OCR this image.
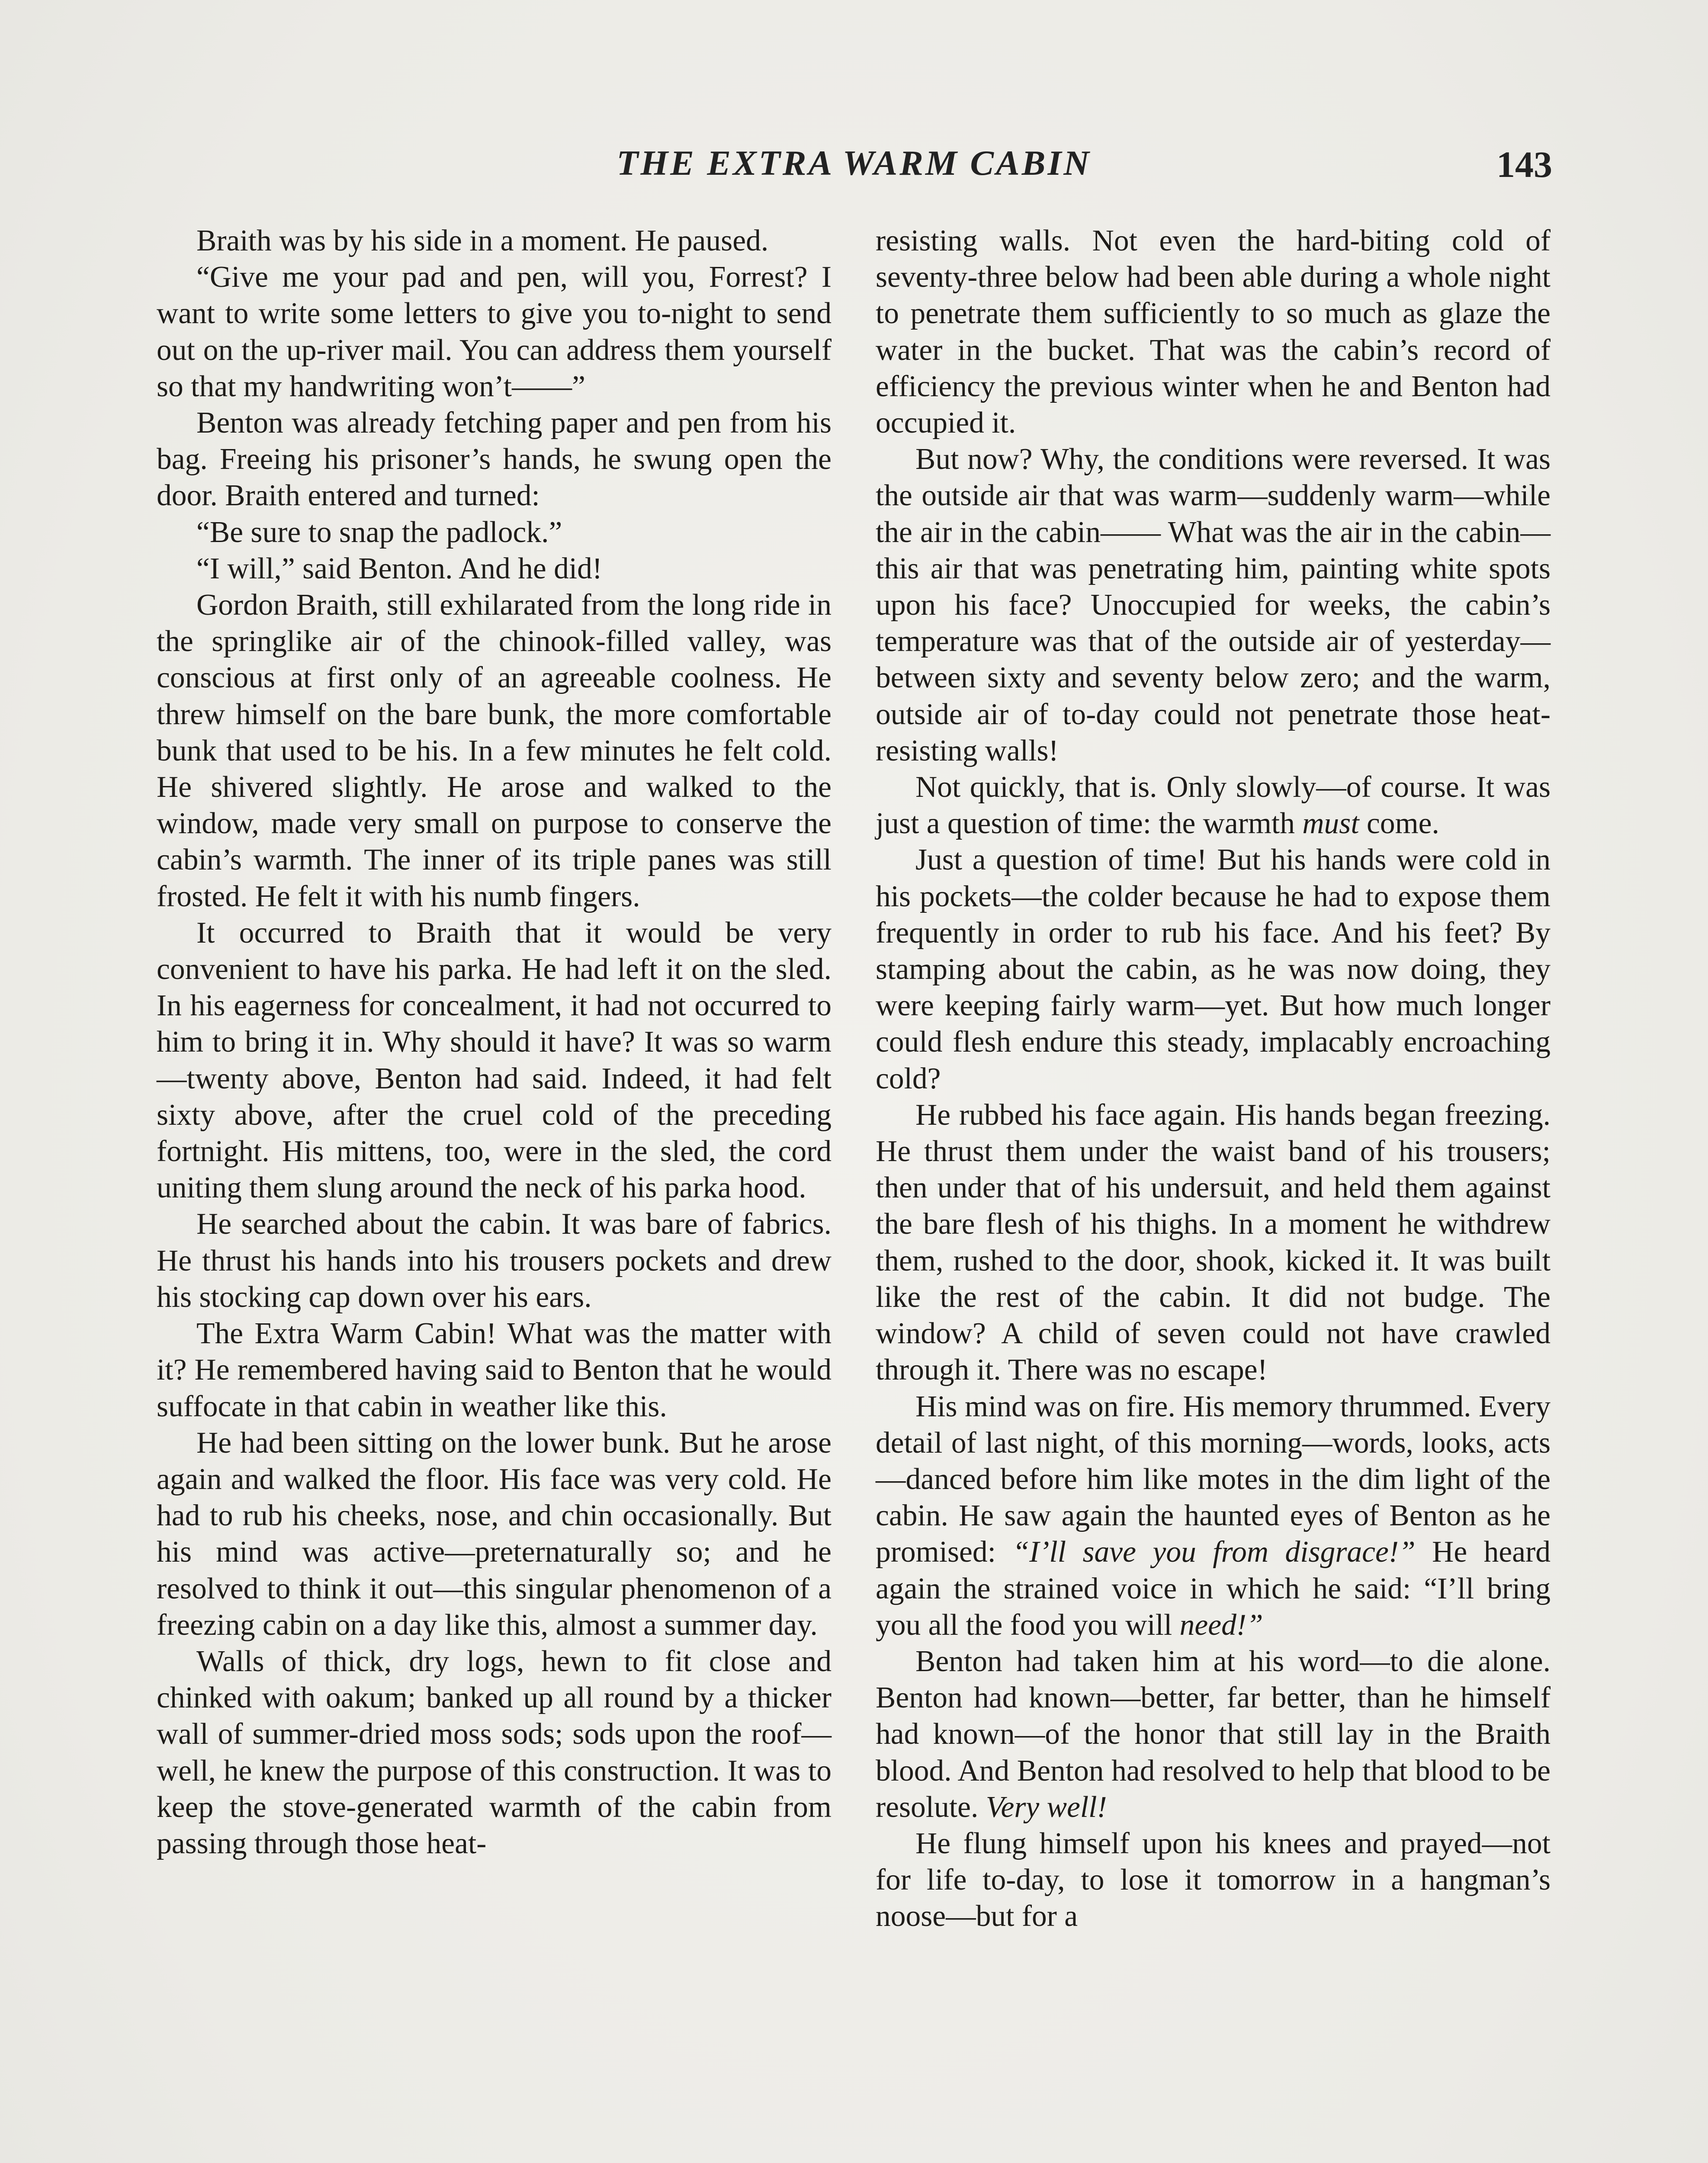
THE EXTRA WARM CABIN	143

Braith was by his side in a moment. He paused.

“Give me your pad and pen, will you, Forrest? I want to write some letters to give you to-night to send out on the up-river mail. You can address them yourself so that my handwriting won’t——”

Benton was already fetching paper and pen from his bag. Freeing his prisoner’s hands, he swung open the door. Braith entered and turned:

“Be sure to snap the padlock.”

“I will,” said Benton. And he did!

Gordon Braith, still exhilarated from the long ride in the springlike air of the chinook-filled valley, was conscious at first only of an agreeable coolness. He threw himself on the bare bunk, the more comfortable bunk that used to be his. In a few minutes he felt cold. He shivered slightly. He arose and walked to the window, made very small on purpose to conserve the cabin’s warmth. The inner of its triple panes was still frosted. He felt it with his numb fingers.

It occurred to Braith that it would be very convenient to have his parka. He had left it on the sled. In his eagerness for concealment, it had not occurred to him to bring it in. Why should it have? It was so warm—twenty above, Benton had said. Indeed, it had felt sixty above, after the cruel cold of the preceding fortnight. His mittens, too, were in the sled, the cord uniting them slung around the neck of his parka hood.

He searched about the cabin. It was bare of fabrics. He thrust his hands into his trousers pockets and drew his stocking cap down over his ears.

The Extra Warm Cabin! What was the matter with it? He remembered having said to Benton that he would suffocate in that cabin in weather like this.

He had been sitting on the lower bunk. But he arose again and walked the floor. His face was very cold. He had to rub his cheeks, nose, and chin occasionally. But his mind was active—preternaturally so; and he resolved to think it out—this singular phenomenon of a freezing cabin on a day like this, almost a summer day.

Walls of thick, dry logs, hewn to fit close and chinked with oakum; banked up all round by a thicker wall of summer-dried moss sods; sods upon the roof—well, he knew the purpose of this construction. It was to keep the stove-generated warmth of the cabin from passing through those heat-

resisting walls. Not even the hard-biting cold of seventy-three below had been able during a whole night to penetrate them sufficiently to so much as glaze the water in the bucket. That was the cabin’s record of efficiency the previous winter when he and Benton had occupied it.

But now? Why, the conditions were reversed. It was the outside air that was warm—suddenly warm—while the air in the cabin—— What was the air in the cabin—this air that was penetrating him, painting white spots upon his face? Unoccupied for weeks, the cabin’s temperature was that of the outside air of yesterday—between sixty and seventy below zero; and the warm, outside air of to-day could not penetrate those heat-resisting walls!

Not quickly, that is. Only slowly—of course. It was just a question of time: the warmth must come.

Just a question of time! But his hands were cold in his pockets—the colder because he had to expose them frequently in order to rub his face. And his feet? By stamping about the cabin, as he was now doing, they were keeping fairly warm—yet. But how much longer could flesh endure this steady, implacably encroaching cold?

He rubbed his face again. His hands began freezing. He thrust them under the waist band of his trousers; then under that of his undersuit, and held them against the bare flesh of his thighs. In a moment he withdrew them, rushed to the door, shook, kicked it. It was built like the rest of the cabin. It did not budge. The window? A child of seven could not have crawled through it. There was no escape!

His mind was on fire. His memory thrummed. Every detail of last night, of this morning—words, looks, acts—danced before him like motes in the dim light of the cabin. He saw again the haunted eyes of Benton as he promised: “I’ll save you from disgrace!” He heard again the strained voice in which he said: “I’ll bring you all the food you will need!”

Benton had taken him at his word—to die alone. Benton had known—better, far better, than he himself had known—of the honor that still lay in the Braith blood. And Benton had resolved to help that blood to be resolute. Very well!

He flung himself upon his knees and prayed—not for life to-day, to lose it tomorrow in a hangman’s noose—but for a
